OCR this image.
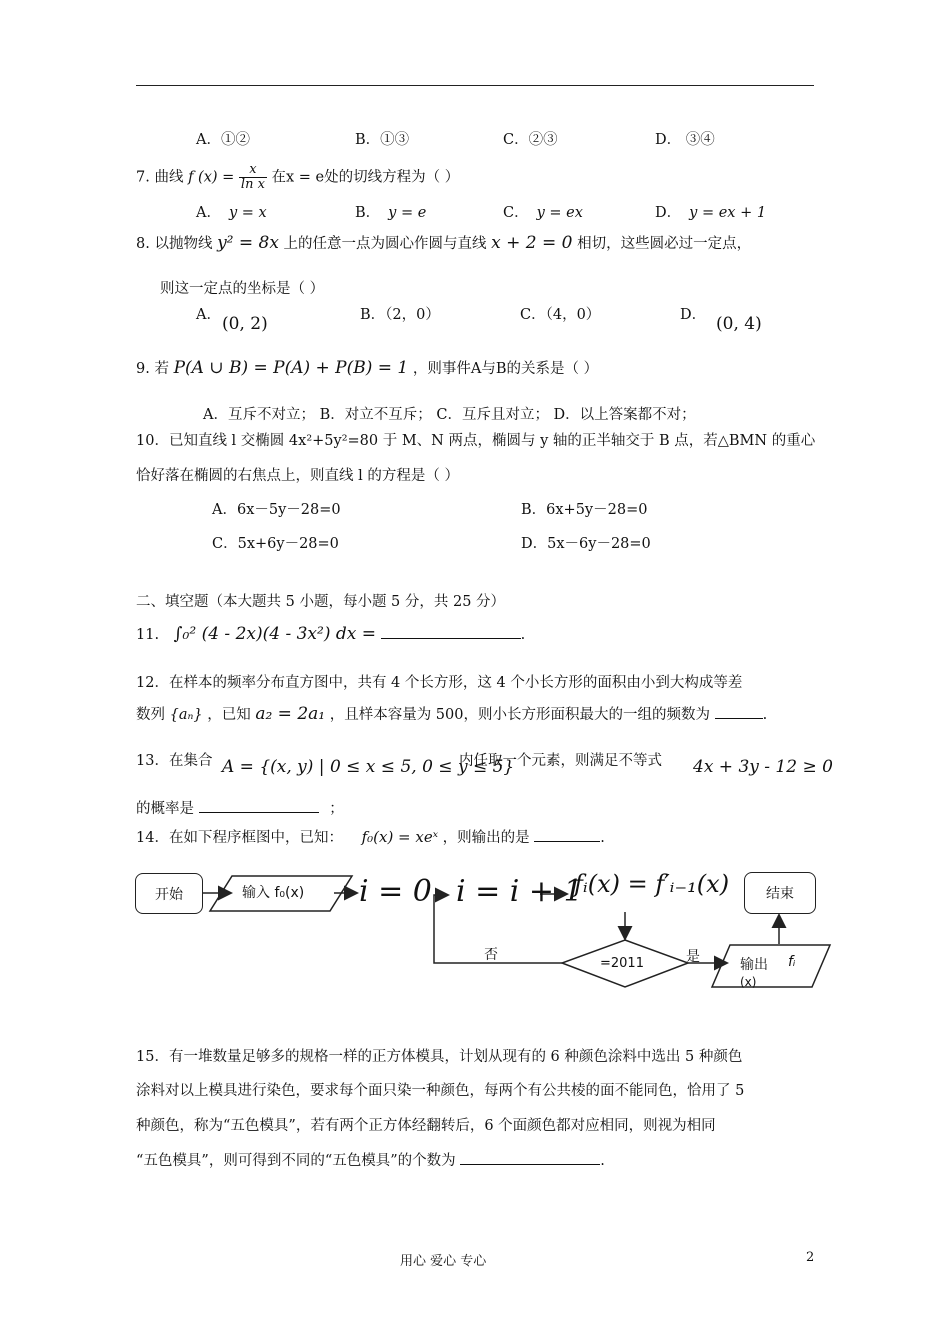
A．①②	B．①③	C．②③	D． ③④
7. 曲线 f $(x) = \frac{x}{\text{ln x}}$ 在x = e处的切线方程为（ ）
A． y = x	B． y = e	C． y = ex	D． y = ex + 1
8. 以抛物线 y² = 8x 上的任意一点为圆心作圆与直线 x + 2 = 0 相切，这些圆必过一定点，
则这一定点的坐标是（ ）
A． (0, 2)	B．（2，0）	C．（4，0）	D． (0, 4)
9. 若 P(A ∪ B) = P(A) + P(B) = 1 ，则事件A与B的关系是（ ）
A．互斥不对立； B．对立不互斥； C．互斥且对立； D．以上答案都不对；
10．已知直线 l 交椭圆 4x²+5y²=80 于 M、N 两点，椭圆与 y 轴的正半轴交于 B 点，若△BMN 的重心
恰好落在椭圆的右焦点上，则直线 l 的方程是（ ）
A．6x－5y－28=0	B．6x+5y－28=0
C．5x+6y－28=0	D．5x－6y－28=0
二、填空题（本大题共 5 小题，每小题 5 分，共 25 分）
11. ∫₀² (4 - 2x)(4 - 3x²) dx =	.
12．在样本的频率分布直方图中，共有 4 个长方形，这 4 个小长方形的面积由小到大构成等差
数列 {aₙ} ，已知 a₂ = 2a₁ ，且样本容量为 500，则小长方形面积最大的一组的频数为	.
13．在集合 A = {(x, y) | 0 ≤ x ≤ 5, 0 ≤ y ≤ 5}
内任取一个元素，则满足不等式 4x + 3y - 12 ≥ 0
的概率是	；
14．在如下程序框图中，已知： f₀(x) = xeˣ ，则输出的是	.
开始	输入 f₀(x) i = 0 i = i + 1
fᵢ(x) = f′ᵢ₋₁(x)	结束
=2011
否	是	输出 fᵢ
(x)
15．有一堆数量足够多的规格一样的正方体模具，计划从现有的 6 种颜色涂料中选出 5 种颜色
涂料对以上模具进行染色，要求每个面只染一种颜色，每两个有公共棱的面不能同色，恰用了 5
种颜色，称为“五色模具”，若有两个正方体经翻转后，6 个面颜色都对应相同，则视为相同
“五色模具”，则可得到不同的“五色模具”的个数为	.
用心 爱心 专心	2
